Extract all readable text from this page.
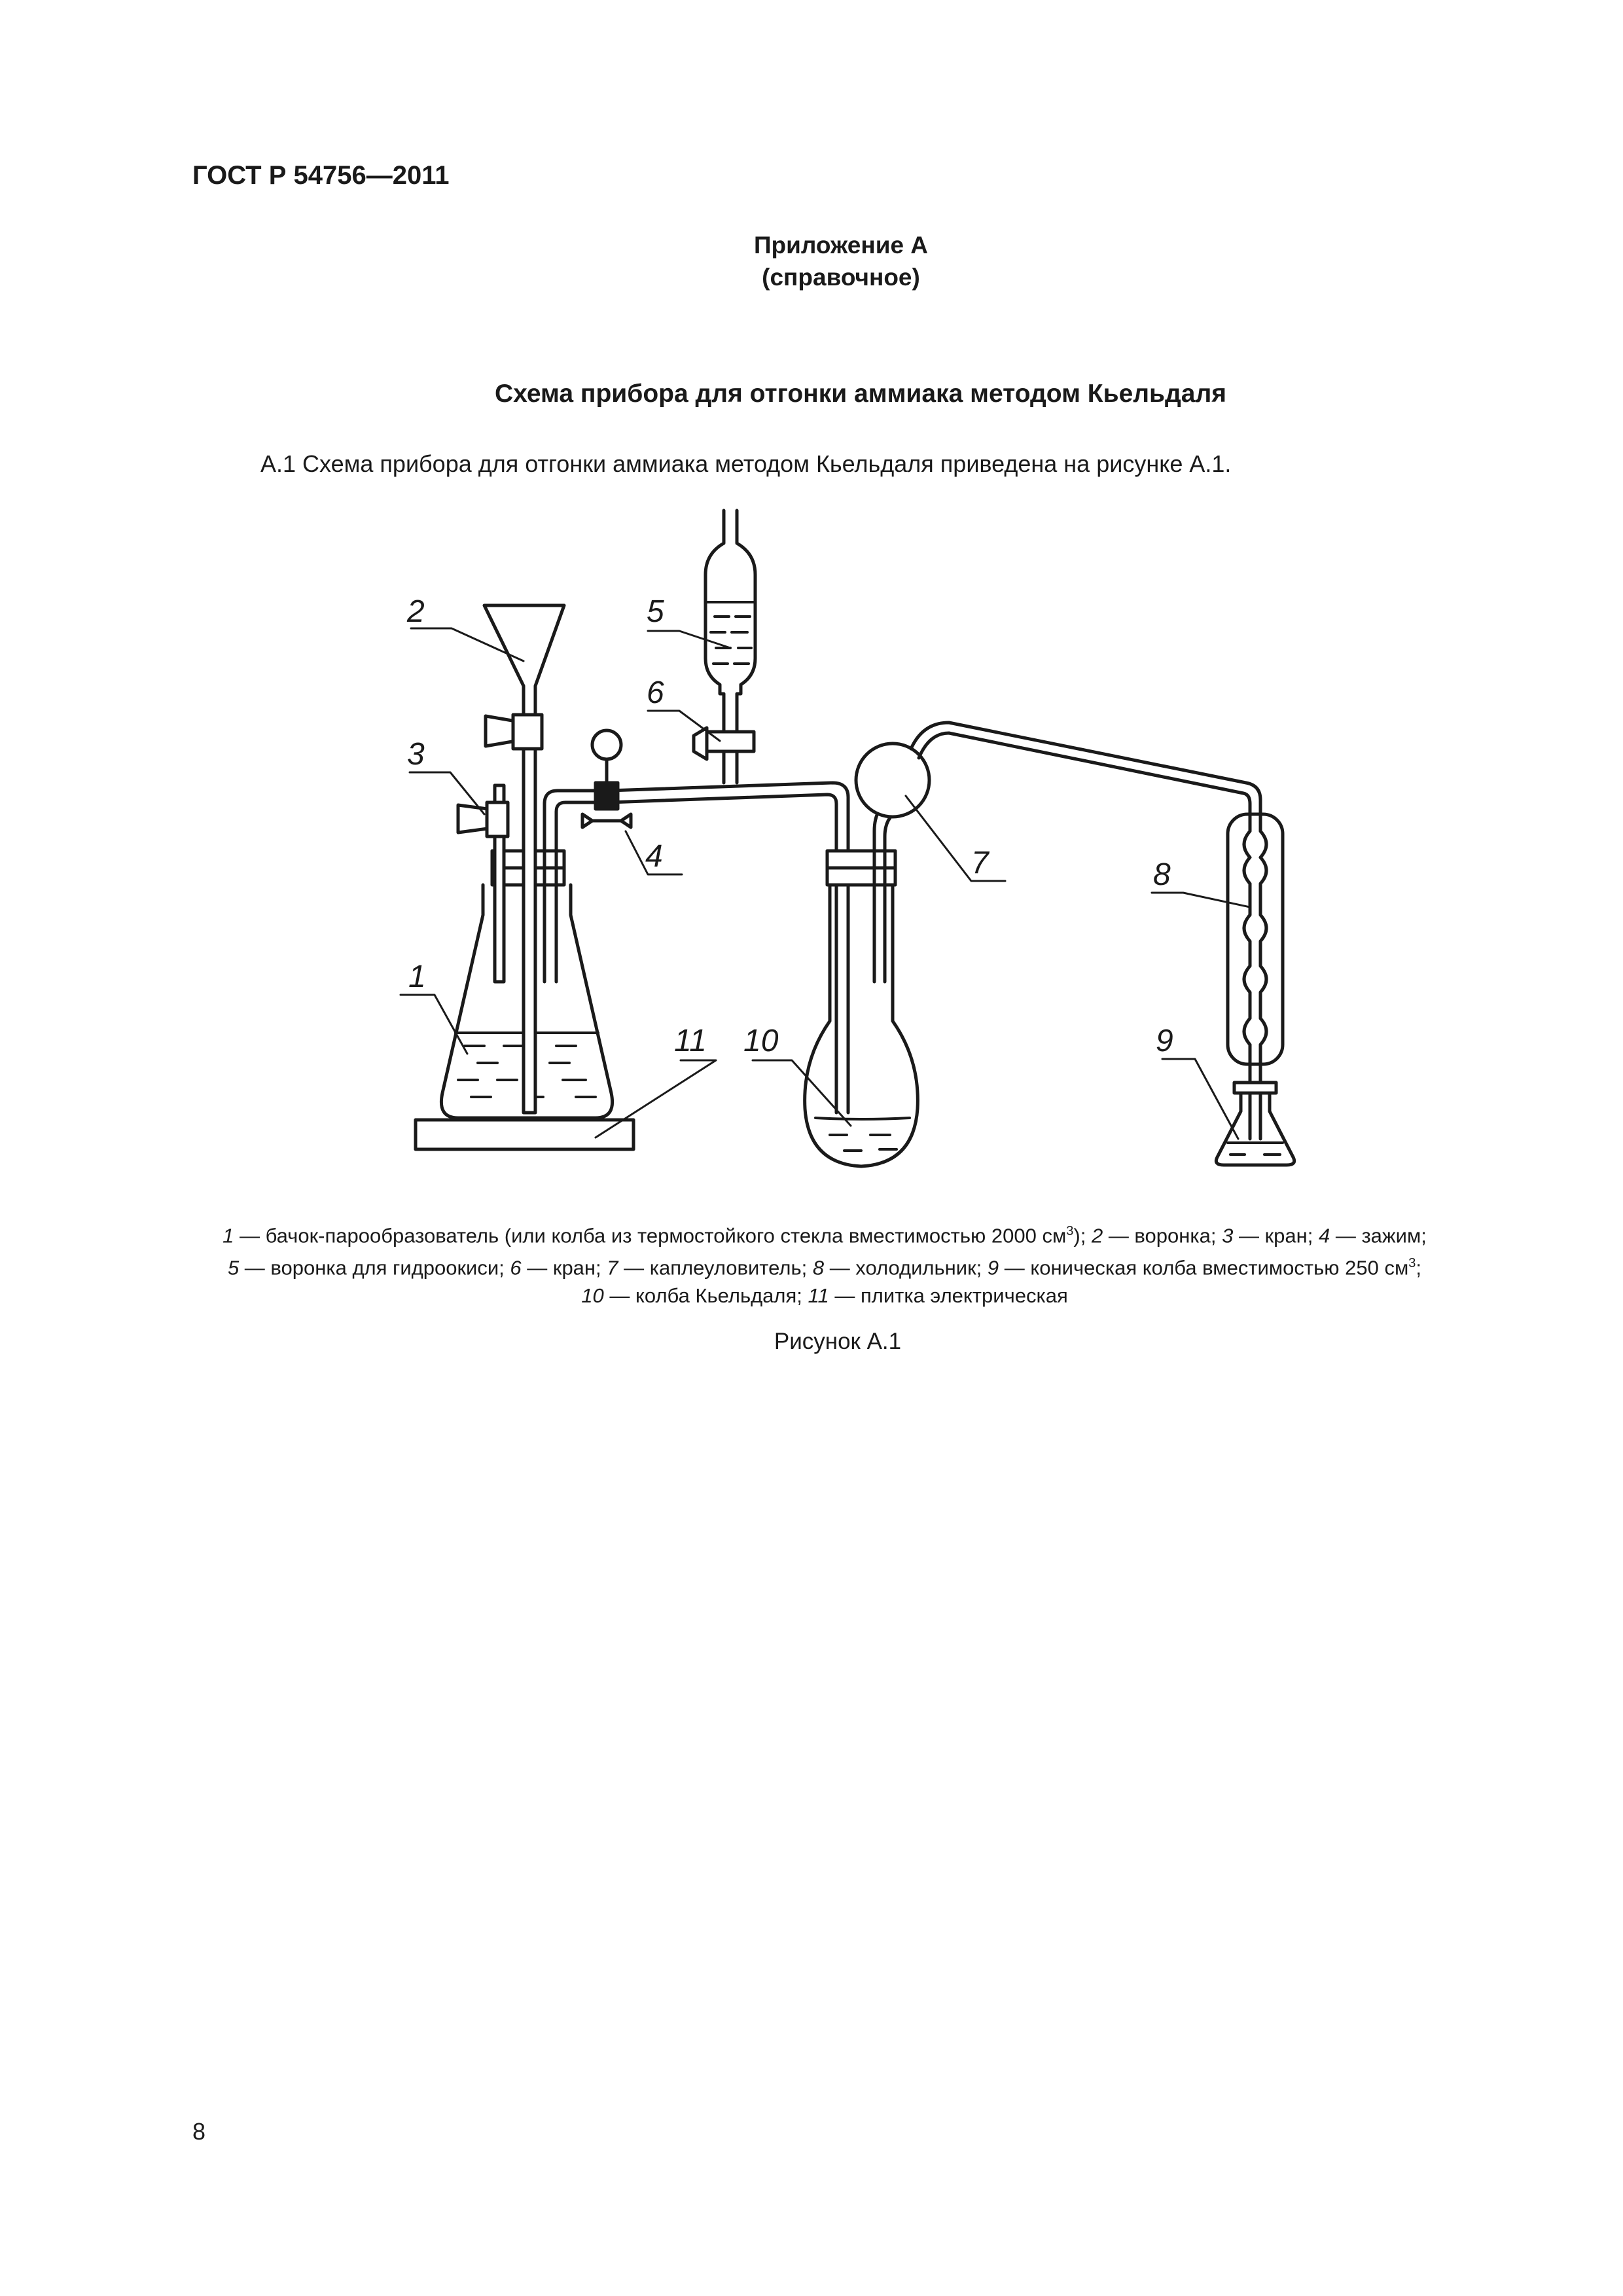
ГОСТ Р 54756—2011
Приложение А
(справочное)
Схема прибора для отгонки аммиака методом Кьельдаля
А.1 Схема прибора для отгонки аммиака методом Кьельдаля приведена на рисунке А.1.
2
3
1
4
5
6
7	8
9
10
11
1 — бачок-парообразователь (или колба из термостойкого стекла вместимостью 2000 $см^3$); 2 — воронка; 3 — кран; 4 — зажим;
5 — воронка для гидроокиси; 6 — кран; 7 — каплеуловитель; 8 — холодильник; 9 — коническая колба вместимостью 250 $см^3$;
10 — колба Кьельдаля; 11 — плитка электрическая
Рисунок А.1
8
